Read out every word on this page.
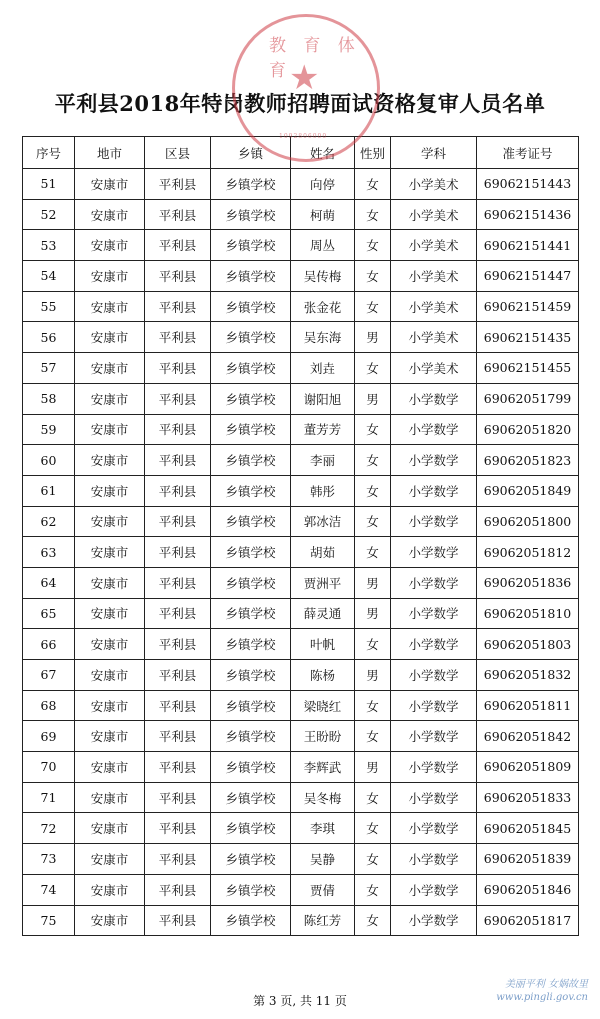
教 育 体 育
★
1092806000
平利县2018年特岗教师招聘面试资格复审人员名单
序号	地市	区县	乡镇	姓名	性别	学科	准考证号
51	安康市	平利县	乡镇学校	向停	女	小学美术	69062151443
52	安康市	平利县	乡镇学校	柯萌	女	小学美术	69062151436
53	安康市	平利县	乡镇学校	周丛	女	小学美术	69062151441
54	安康市	平利县	乡镇学校	吴传梅	女	小学美术	69062151447
55	安康市	平利县	乡镇学校	张金花	女	小学美术	69062151459
56	安康市	平利县	乡镇学校	吴东海	男	小学美术	69062151435
57	安康市	平利县	乡镇学校	刘垚	女	小学美术	69062151455
58	安康市	平利县	乡镇学校	谢阳旭	男	小学数学	69062051799
59	安康市	平利县	乡镇学校	董芳芳	女	小学数学	69062051820
60	安康市	平利县	乡镇学校	李丽	女	小学数学	69062051823
61	安康市	平利县	乡镇学校	韩彤	女	小学数学	69062051849
62	安康市	平利县	乡镇学校	郭冰洁	女	小学数学	69062051800
63	安康市	平利县	乡镇学校	胡茹	女	小学数学	69062051812
64	安康市	平利县	乡镇学校	贾洲平	男	小学数学	69062051836
65	安康市	平利县	乡镇学校	薛灵通	男	小学数学	69062051810
66	安康市	平利县	乡镇学校	叶帆	女	小学数学	69062051803
67	安康市	平利县	乡镇学校	陈杨	男	小学数学	69062051832
68	安康市	平利县	乡镇学校	梁晓红	女	小学数学	69062051811
69	安康市	平利县	乡镇学校	王盼盼	女	小学数学	69062051842
70	安康市	平利县	乡镇学校	李辉武	男	小学数学	69062051809
71	安康市	平利县	乡镇学校	吴冬梅	女	小学数学	69062051833
72	安康市	平利县	乡镇学校	李琪	女	小学数学	69062051845
73	安康市	平利县	乡镇学校	吴静	女	小学数学	69062051839
74	安康市	平利县	乡镇学校	贾倩	女	小学数学	69062051846
75	安康市	平利县	乡镇学校	陈红芳	女	小学数学	69062051817
第 3 页, 共 11 页
美丽平利 女娲故里
www.pingli.gov.cn
